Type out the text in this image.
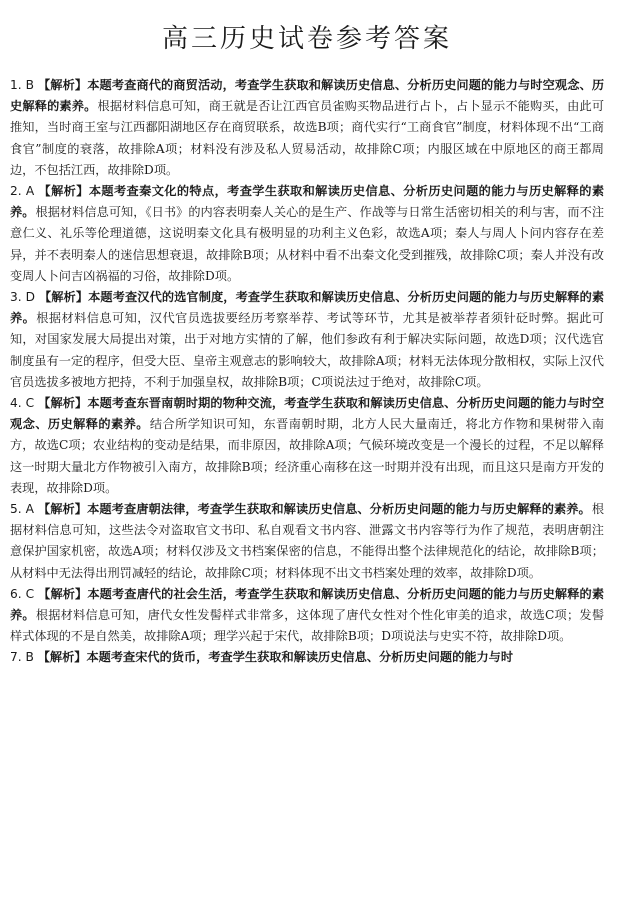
高三历史试卷参考答案

1. B 【解析】本题考查商代的商贸活动，考查学生获取和解读历史信息、分析历史问题的能力与时空观念、历史解释的素养。根据材料信息可知，商王就是否让江西官员雀购买物品进行占卜，占卜显示不能购买，由此可推知，当时商王室与江西鄱阳湖地区存在商贸联系，故选B项；商代实行“工商食官”制度，材料体现不出“工商食官”制度的衰落，故排除A项；材料没有涉及私人贸易活动，故排除C项；内服区域在中原地区的商王都周边，不包括江西，故排除D项。

2. A 【解析】本题考查秦文化的特点，考查学生获取和解读历史信息、分析历史问题的能力与历史解释的素养。根据材料信息可知，《日书》的内容表明秦人关心的是生产、作战等与日常生活密切相关的利与害，而不注意仁义、礼乐等伦理道德，这说明秦文化具有极明显的功利主义色彩，故选A项；秦人与周人卜问内容存在差异，并不表明秦人的迷信思想衰退，故排除B项；从材料中看不出秦文化受到摧残，故排除C项；秦人并没有改变周人卜问吉凶祸福的习俗，故排除D项。

3. D 【解析】本题考查汉代的选官制度，考查学生获取和解读历史信息、分析历史问题的能力与历史解释的素养。根据材料信息可知，汉代官员选拔要经历考察举荐、考试等环节，尤其是被举荐者须针砭时弊。据此可知，对国家发展大局提出对策，出于对地方实情的了解，他们参政有利于解决实际问题，故选D项；汉代选官制度虽有一定的程序，但受大臣、皇帝主观意志的影响较大，故排除A项；材料无法体现分散相权，实际上汉代官员选拔多被地方把持，不利于加强皇权，故排除B项；C项说法过于绝对，故排除C项。

4. C 【解析】本题考查东晋南朝时期的物种交流，考查学生获取和解读历史信息、分析历史问题的能力与时空观念、历史解释的素养。结合所学知识可知，东晋南朝时期，北方人民大量南迁，将北方作物和果树带入南方，故选C项；农业结构的变动是结果，而非原因，故排除A项；气候环境改变是一个漫长的过程，不足以解释这一时期大量北方作物被引入南方，故排除B项；经济重心南移在这一时期并没有出现，而且这只是南方开发的表现，故排除D项。

5. A 【解析】本题考查唐朝法律，考查学生获取和解读历史信息、分析历史问题的能力与历史解释的素养。根据材料信息可知，这些法令对盗取官文书印、私自观看文书内容、泄露文书内容等行为作了规范，表明唐朝注意保护国家机密，故选A项；材料仅涉及文书档案保密的信息，不能得出整个法律规范化的结论，故排除B项；从材料中无法得出刑罚减轻的结论，故排除C项；材料体现不出文书档案处理的效率，故排除D项。

6. C 【解析】本题考查唐代的社会生活，考查学生获取和解读历史信息、分析历史问题的能力与历史解释的素养。根据材料信息可知，唐代女性发髻样式非常多，这体现了唐代女性对个性化审美的追求，故选C项；发髻样式体现的不是自然美，故排除A项；理学兴起于宋代，故排除B项；D项说法与史实不符，故排除D项。

7. B 【解析】本题考查宋代的货币，考查学生获取和解读历史信息、分析历史问题的能力与时
